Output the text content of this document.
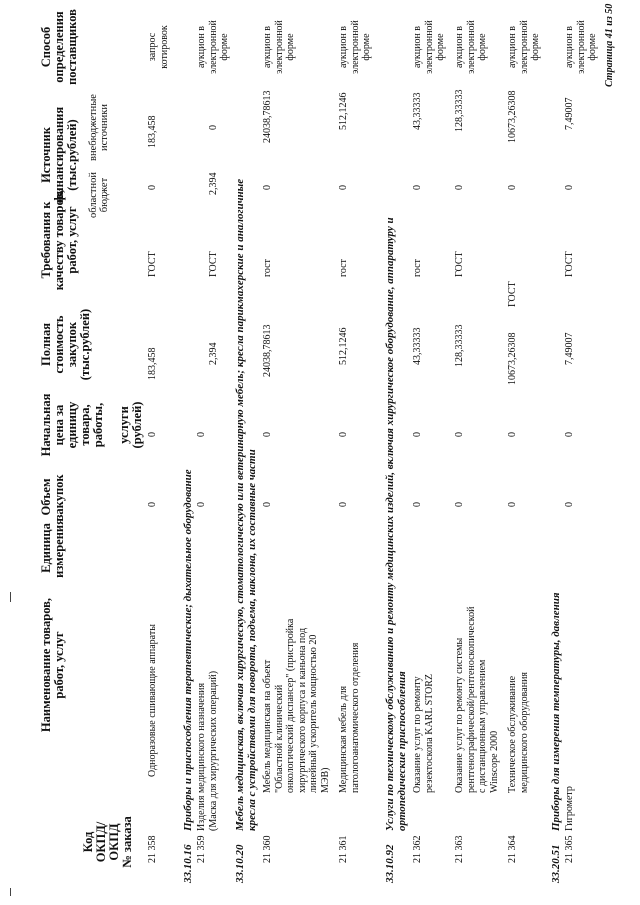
Код ОКПД/ ОКПД № заказа
Наименование товаров, работ, услуг
Единица измерения
Объем закупок
Начальная цена за единицу товара, работы, услуги (рублей)
Полная стоимость закупок (тыс.рублей)
Требования к качеству товаров, работ, услуг
Источник финансирования (тыс.рублей)
областной бюджет
внебюджетные источники
Способ определения поставщиков
21 358
Одноразовые сшивающие аппараты
0
0
183,458
ГОСТ
0
183,458
запрос котировок
33.10.16
Приборы и приспособления терапевтические; дыхательное оборудование
21 359
Изделия медицинского назначения (Маска для хирургических операций)
0
0
2,394
ГОСТ
2,394
0
аукцион в электронной форме
33.10.20
Мебель медицинская, включая хирургическую, стоматологическую или ветеринарную мебель; кресла парикмахерские и аналогичные кресла с устройствами для поворота, подъема, наклона, их составные части
21 360
Мебель медицинская на объект "Областной клинический онкологический диспансер" (пристройка хирургического корпуса и каньона под линейный ускоритель мощностью 20 МЭВ)
0
0
24038,78613
гост
0
24038,78613
аукцион в электронной форме
21 361
Медицинская мебель для патологоанатомического отделения
0
0
512,1246
гост
0
512,1246
аукцион в электронной форме
33.10.92
Услуги по техническому обслуживанию и ремонту медицинских изделий, включая хирургическое оборудование, аппаратуру и ортопедические приспособления
21 362
Оказание услуг по ремонту резектоскопа KARL STORZ
0
0
43,33333
гост
0
43,33333
аукцион в электронной форме
21 363
Оказание услуг по ремонту системы рентгенографической/рентгеноскопической с дистанционным управлением Winscope 2000
0
0
128,33333
ГОСТ
0
128,33333
аукцион в электронной форме
21 364
Техническое обслуживание медицинского оборудования
0
0
10673,26308
ГОСТ
0
10673,26308
аукцион в электронной форме
33.20.51
Приборы для измерения температуры, давления
21 365
Гигрометр
0
0
7,49007
ГОСТ
0
7,49007
аукцион в электронной форме Страница 41 из 50
